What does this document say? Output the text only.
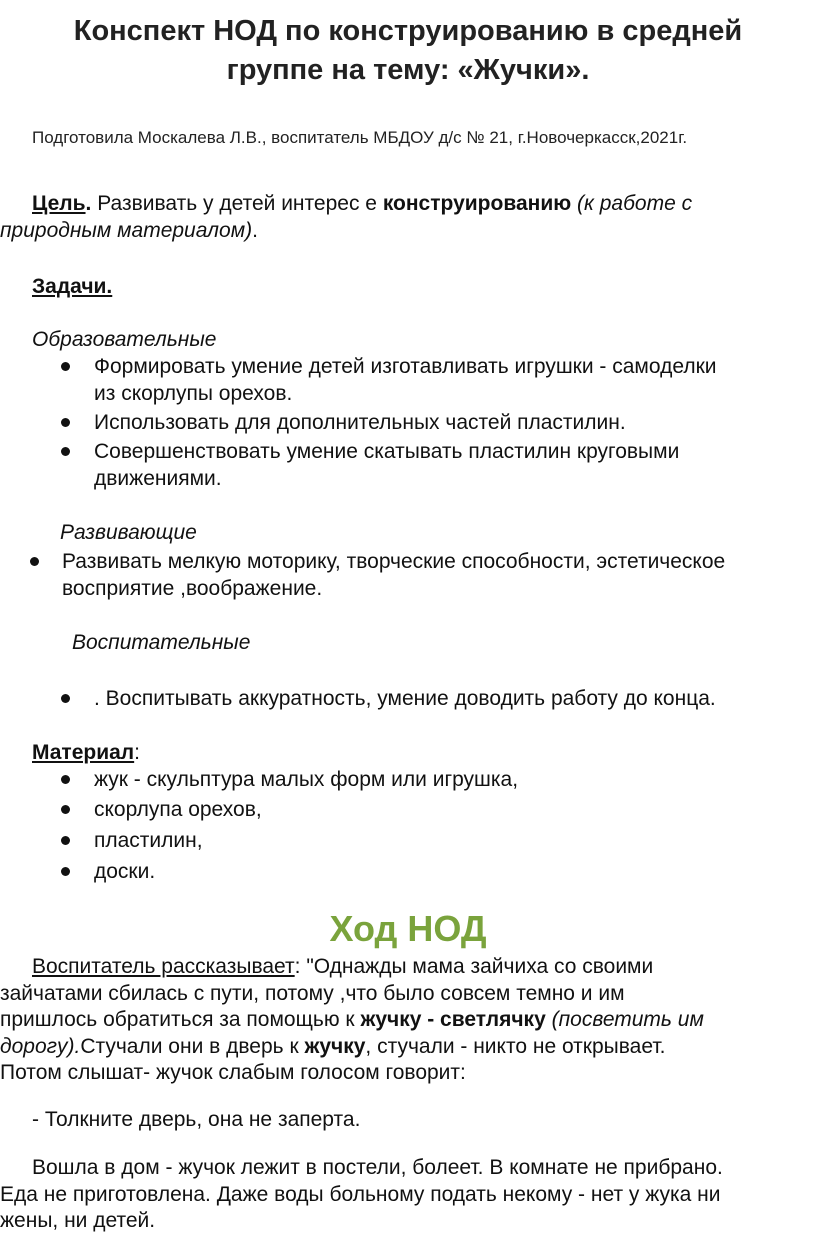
Конспект НОД по конструированию в средней
группе на тему: «Жучки».
Подготовила Москалева Л.В., воспитатель МБДОУ д/с № 21, г.Новочеркасск,2021г.
Цель. Развивать у детей интерес е конструированию (к работе с
природным материалом).
Задачи.
Образовательные
Формировать умение детей изготавливать игрушки - самоделки
из скорлупы орехов.
Использовать для дополнительных частей пластилин.
Совершенствовать умение скатывать пластилин круговыми
движениями.
Развивающие
Развивать мелкую моторику, творческие способности, эстетическое
восприятие ,воображение.
Воспитательные
. Воспитывать аккуратность, умение доводить работу до конца.
Материал:
жук - скульптура малых форм или игрушка,
скорлупа орехов,
пластилин,
доски.
Ход НОД
Воспитатель рассказывает: "Однажды мама зайчиха со своими
зайчатами сбилась с пути, потому ,что было совсем темно и им
пришлось обратиться за помощью к жучку - светлячку (посветить им
дорогу).Стучали они в дверь к жучку, стучали - никто не открывает.
Потом слышат- жучок слабым голосом говорит:
- Толкните дверь, она не заперта.
Вошла в дом - жучок лежит в постели, болеет. В комнате не прибрано.
Еда не приготовлена. Даже воды больному подать некому - нет у жука ни
жены, ни детей.
